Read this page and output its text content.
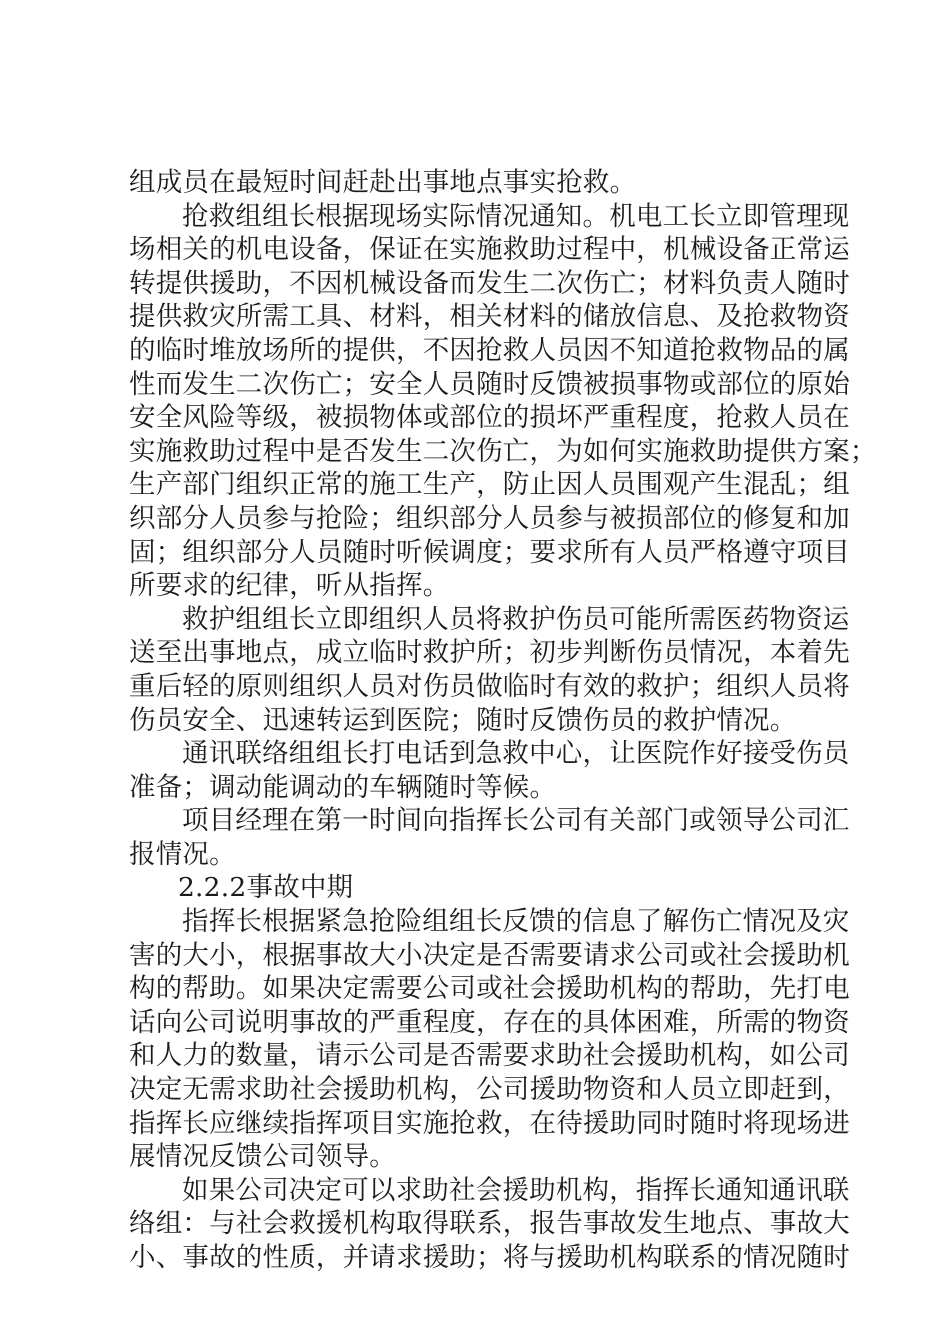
组成员在最短时间赶赴出事地点事实抢救。
抢救组组长根据现场实际情况通知。机电工长立即管理现
场相关的机电设备，保证在实施救助过程中，机械设备正常运
转提供援助，不因机械设备而发生二次伤亡；材料负责人随时
提供救灾所需工具、材料，相关材料的储放信息、及抢救物资
的临时堆放场所的提供，不因抢救人员因不知道抢救物品的属
性而发生二次伤亡；安全人员随时反馈被损事物或部位的原始
安全风险等级，被损物体或部位的损坏严重程度，抢救人员在
实施救助过程中是否发生二次伤亡，为如何实施救助提供方案；
生产部门组织正常的施工生产，防止因人员围观产生混乱；组
织部分人员参与抢险；组织部分人员参与被损部位的修复和加
固；组织部分人员随时听候调度；要求所有人员严格遵守项目
所要求的纪律，听从指挥。
救护组组长立即组织人员将救护伤员可能所需医药物资运
送至出事地点，成立临时救护所；初步判断伤员情况，本着先
重后轻的原则组织人员对伤员做临时有效的救护；组织人员将
伤员安全、迅速转运到医院；随时反馈伤员的救护情况。
通讯联络组组长打电话到急救中心，让医院作好接受伤员
准备；调动能调动的车辆随时等候。
项目经理在第一时间向指挥长公司有关部门或领导公司汇
报情况。
2.2.2事故中期
指挥长根据紧急抢险组组长反馈的信息了解伤亡情况及灾
害的大小，根据事故大小决定是否需要请求公司或社会援助机
构的帮助。如果决定需要公司或社会援助机构的帮助，先打电
话向公司说明事故的严重程度，存在的具体困难，所需的物资
和人力的数量，请示公司是否需要求助社会援助机构，如公司
决定无需求助社会援助机构，公司援助物资和人员立即赶到，
指挥长应继续指挥项目实施抢救，在待援助同时随时将现场进
展情况反馈公司领导。
如果公司决定可以求助社会援助机构，指挥长通知通讯联
络组：与社会救援机构取得联系，报告事故发生地点、事故大
小、事故的性质，并请求援助；将与援助机构联系的情况随时
